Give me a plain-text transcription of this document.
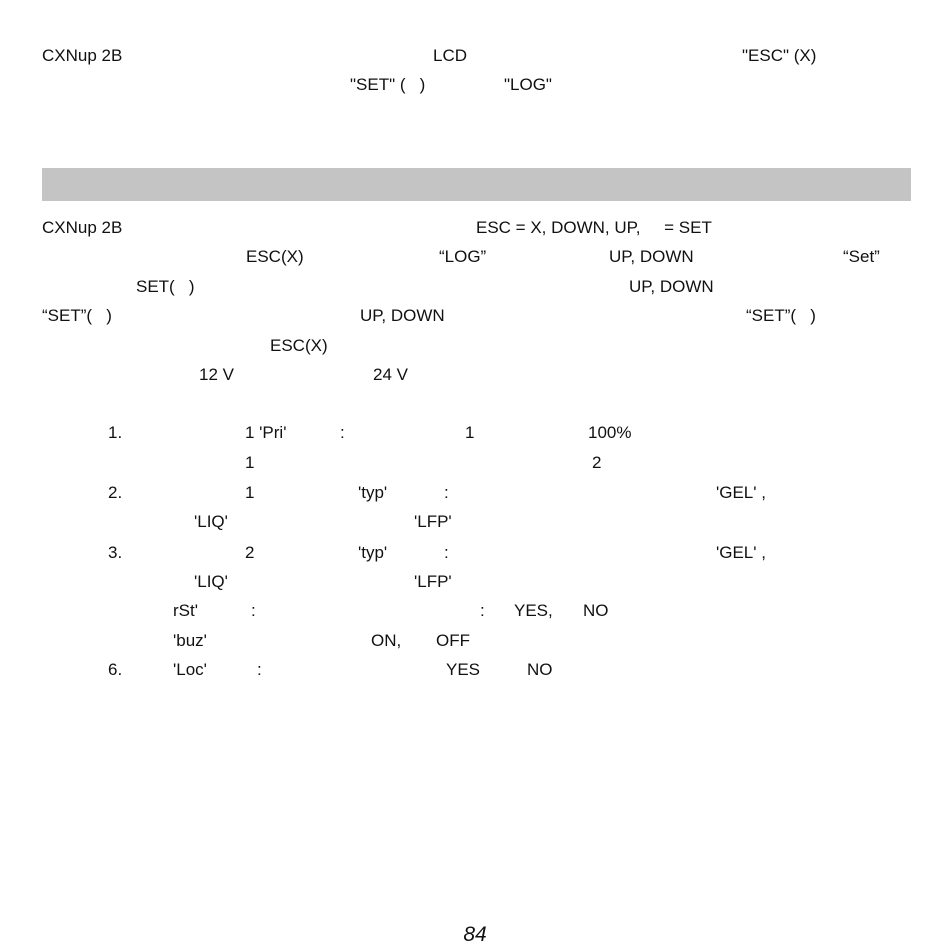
CXNup 2B	LCD	"ESC" (X)
"SET" (   )	"LOG"
CXNup 2B	ESC = X, DOWN, UP,     = SET
ESC(X)	“LOG”	UP, DOWN	“Set”
SET(   )	UP, DOWN
“SET”(   )	UP, DOWN	“SET”(   )
ESC(X)
12 V	24 V
1.	1 'Pri'	:	1	100%
1	2
2.	1	'typ'	:	'GEL' ,
'LIQ'	'LFP'
3.	2	'typ'	:	'GEL' ,
'LIQ'	'LFP'
rSt'	:	: YES, NO
'buz'	ON, OFF
6.	'Loc'	:	YES	NO
84
